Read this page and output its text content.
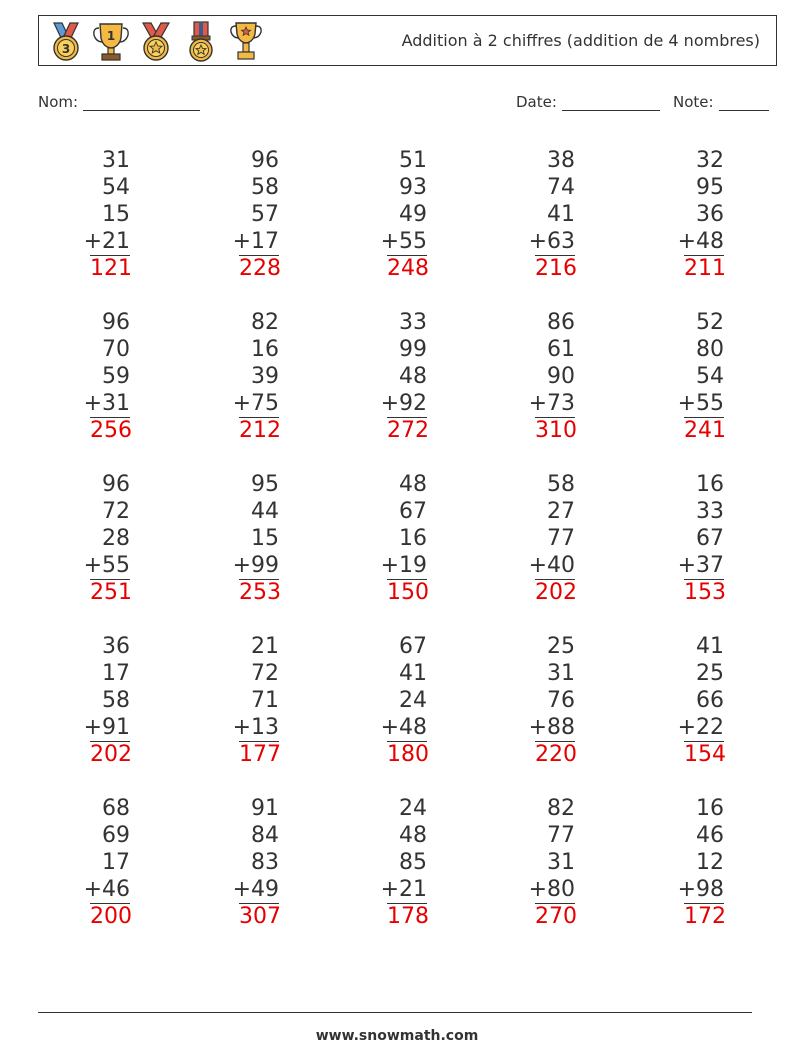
3
1	Addition à 2 chiffres (addition de 4 nombres)
Nom:	Date:	Note:
31
54
15
+21
121
96
58
57
+17
228
51
93
49
+55
248
38
74
41
+63
216
32
95
36
+48
211
96
70
59
+31
256
82
16
39
+75
212
33
99
48
+92
272
86
61
90
+73
310
52
80
54
+55
241
96
72
28
+55
251
95
44
15
+99
253
48
67
16
+19
150
58
27
77
+40
202
16
33
67
+37
153
36
17
58
+91
202
21
72
71
+13
177
67
41
24
+48
180
25
31
76
+88
220
41
25
66
+22
154
68
69
17
+46
200
91
84
83
+49
307
24
48
85
+21
178
82
77
31
+80
270
16
46
12
+98
172
www.snowmath.com
